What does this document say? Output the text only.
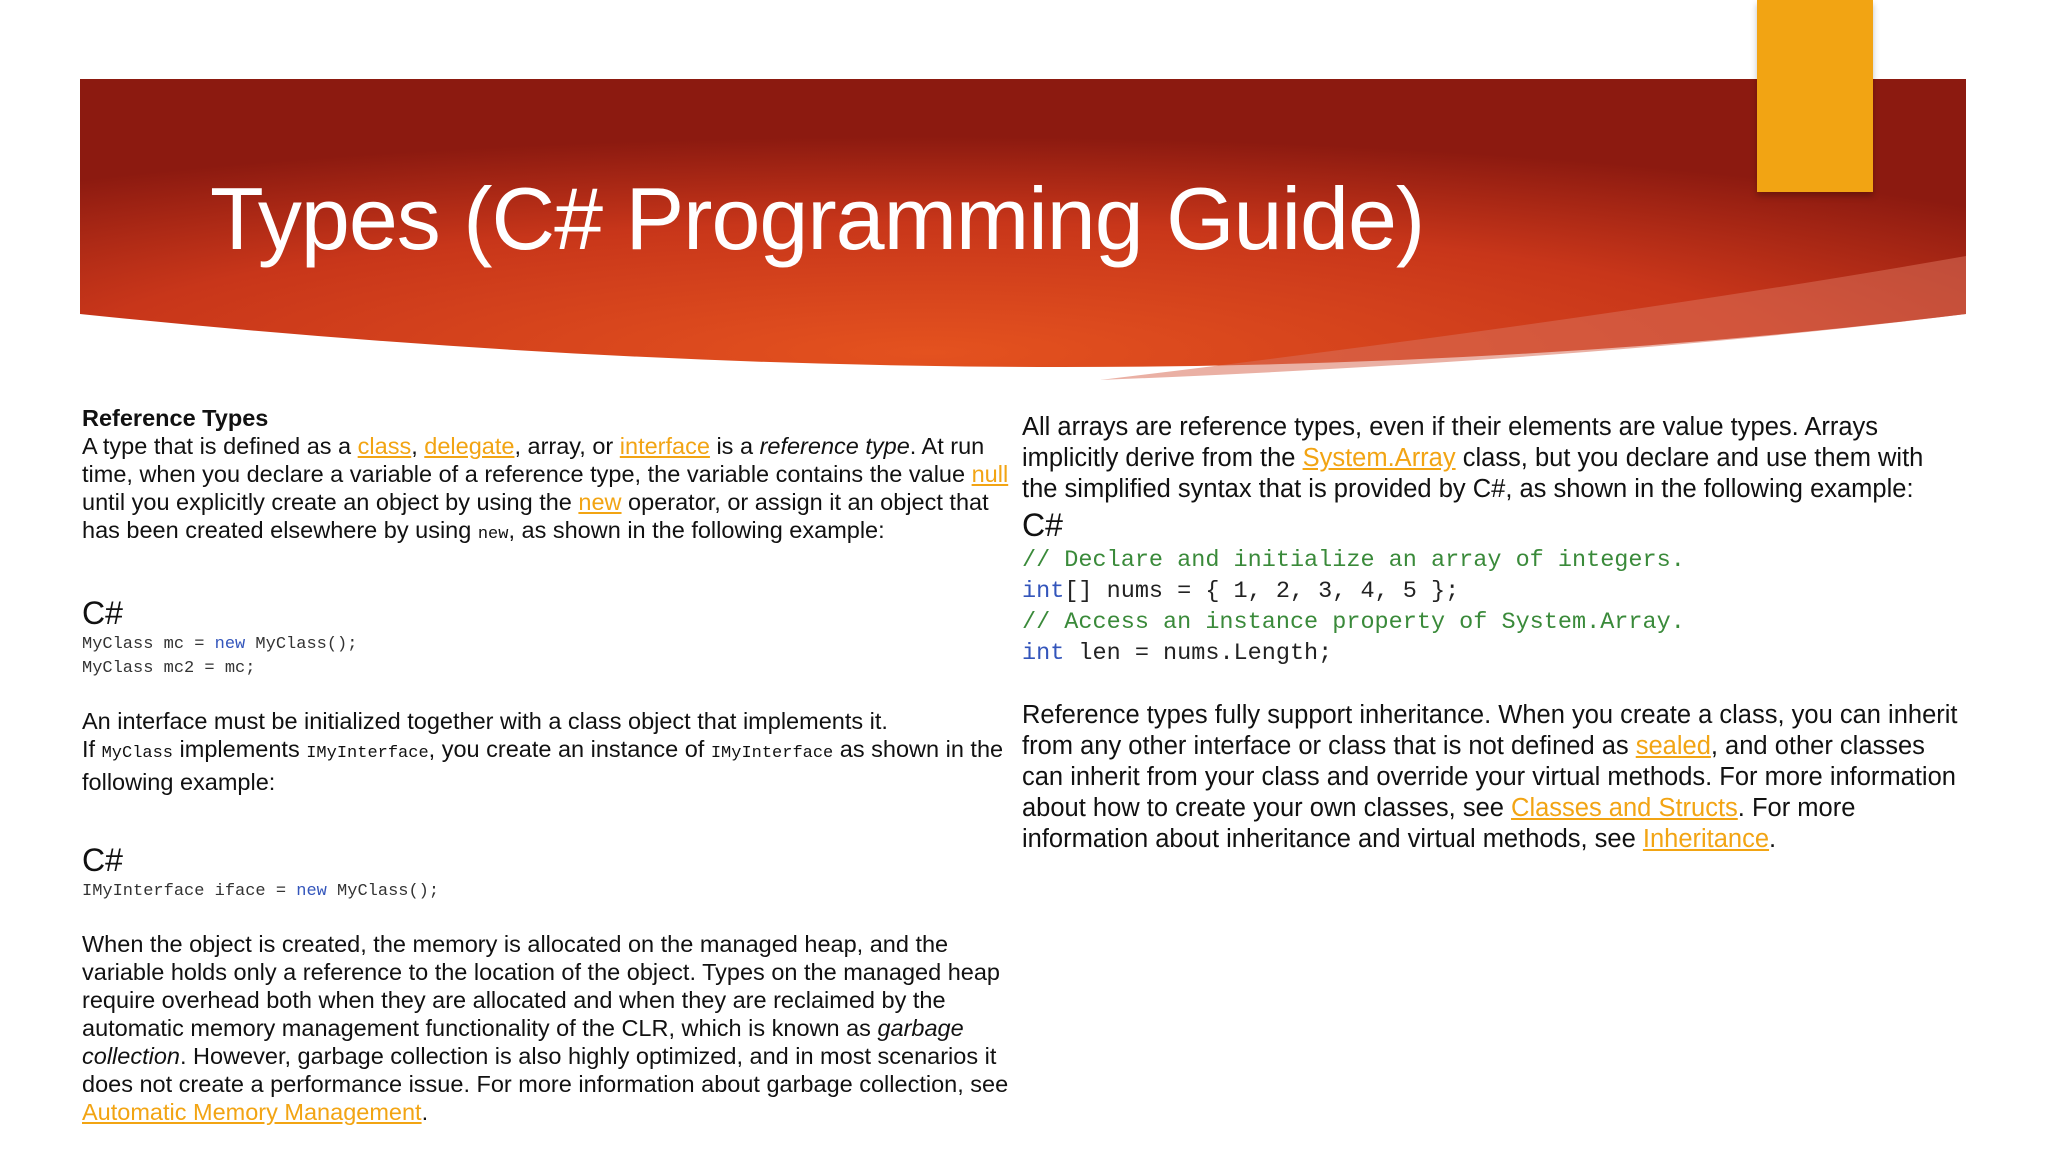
Types (C# Programming Guide)
Reference Types

A type that is defined as a class, delegate, array, or interface is a reference type. At run time, when you declare a variable of a reference type, the variable contains the value null until you explicitly create an object by using the new operator, or assign it an object that has been created elsewhere by using new, as shown in the following example:

C#
MyClass mc = new MyClass();
MyClass mc2 = mc;

An interface must be initialized together with a class object that implements it.
If MyClass implements IMyInterface, you create an instance of IMyInterface as shown in the following example:

C#
IMyInterface iface = new MyClass();

When the object is created, the memory is allocated on the managed heap, and the variable holds only a reference to the location of the object. Types on the managed heap require overhead both when they are allocated and when they are reclaimed by the automatic memory management functionality of the CLR, which is known as garbage collection. However, garbage collection is also highly optimized, and in most scenarios it does not create a performance issue. For more information about garbage collection, see Automatic Memory Management.

All arrays are reference types, even if their elements are value types. Arrays implicitly derive from the System.Array class, but you declare and use them with the simplified syntax that is provided by C#, as shown in the following example:

C#
// Declare and initialize an array of integers.
int[] nums = { 1, 2, 3, 4, 5 };
// Access an instance property of System.Array.
int len = nums.Length;

Reference types fully support inheritance. When you create a class, you can inherit from any other interface or class that is not defined as sealed, and other classes can inherit from your class and override your virtual methods. For more information about how to create your own classes, see Classes and Structs. For more information about inheritance and virtual methods, see Inheritance.
